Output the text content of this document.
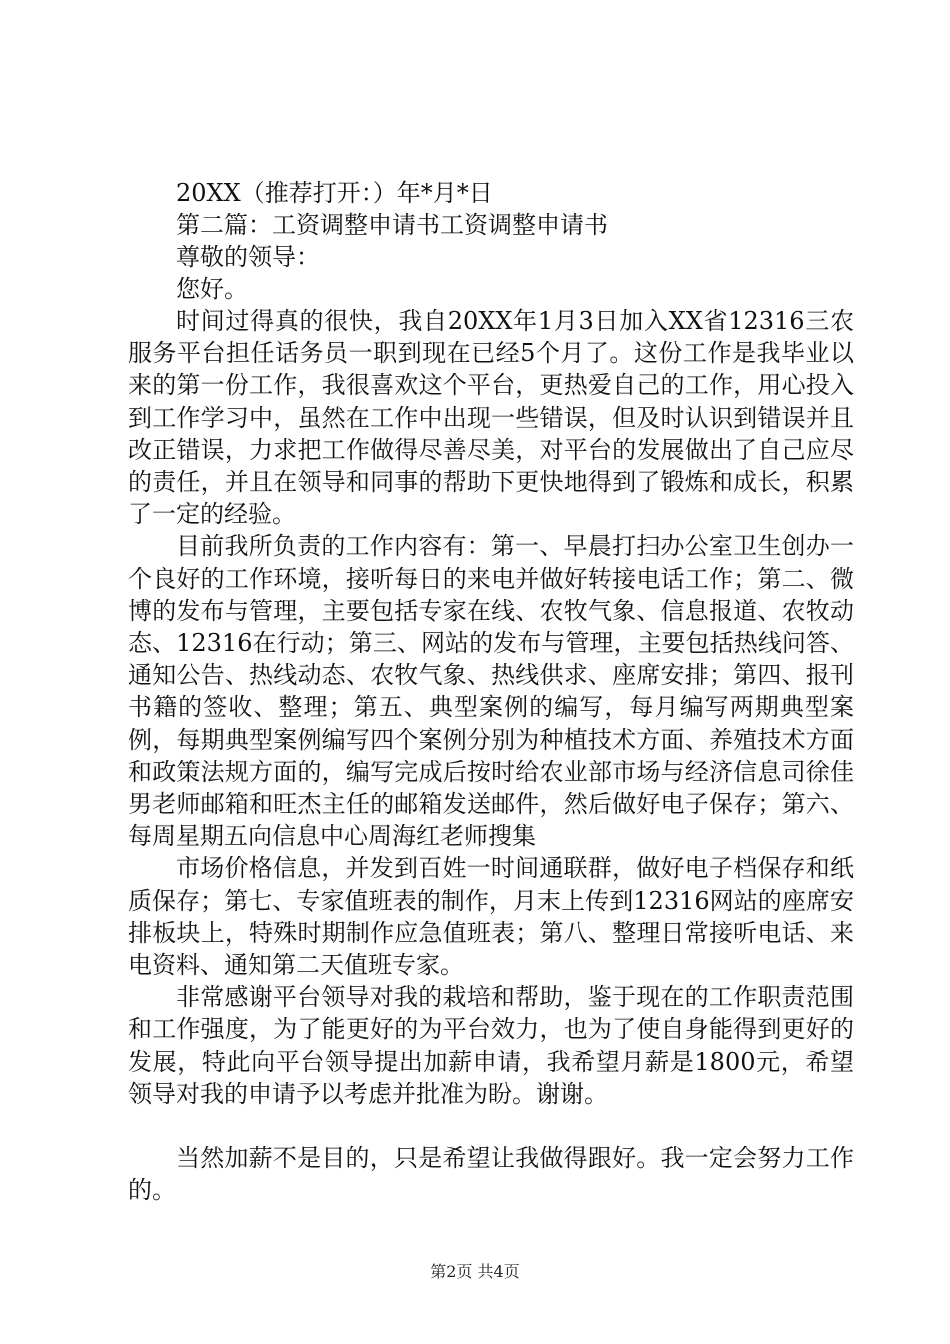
20XX（推荐打开：）年*月*日
第二篇：工资调整申请书工资调整申请书
尊敬的领导：
您好。

时间过得真的很快，我自20XX年1月3日加入XX省12316三农服务平台担任话务员一职到现在已经5个月了。这份工作是我毕业以来的第一份工作，我很喜欢这个平台，更热爱自己的工作，用心投入到工作学习中，虽然在工作中出现一些错误，但及时认识到错误并且改正错误，力求把工作做得尽善尽美，对平台的发展做出了自己应尽的责任，并且在领导和同事的帮助下更快地得到了锻炼和成长，积累了一定的经验。

目前我所负责的工作内容有：第一、早晨打扫办公室卫生创办一个良好的工作环境，接听每日的来电并做好转接电话工作；第二、微博的发布与管理，主要包括专家在线、农牧气象、信息报道、农牧动态、12316在行动；第三、网站的发布与管理，主要包括热线问答、通知公告、热线动态、农牧气象、热线供求、座席安排；第四、报刊书籍的签收、整理；第五、典型案例的编写，每月编写两期典型案例，每期典型案例编写四个案例分别为种植技术方面、养殖技术方面和政策法规方面的，编写完成后按时给农业部市场与经济信息司徐佳男老师邮箱和旺杰主任的邮箱发送邮件，然后做好电子保存；第六、每周星期五向信息中心周海红老师搜集

市场价格信息，并发到百姓一时间通联群，做好电子档保存和纸质保存；第七、专家值班表的制作，月末上传到12316网站的座席安排板块上，特殊时期制作应急值班表；第八、整理日常接听电话、来电资料、通知第二天值班专家。

非常感谢平台领导对我的栽培和帮助，鉴于现在的工作职责范围和工作强度，为了能更好的为平台效力，也为了使自身能得到更好的发展，特此向平台领导提出加薪申请，我希望月薪是1800元，希望领导对我的申请予以考虑并批准为盼。谢谢。

当然加薪不是目的，只是希望让我做得跟好。我一定会努力工作的。

第2页 共4页
